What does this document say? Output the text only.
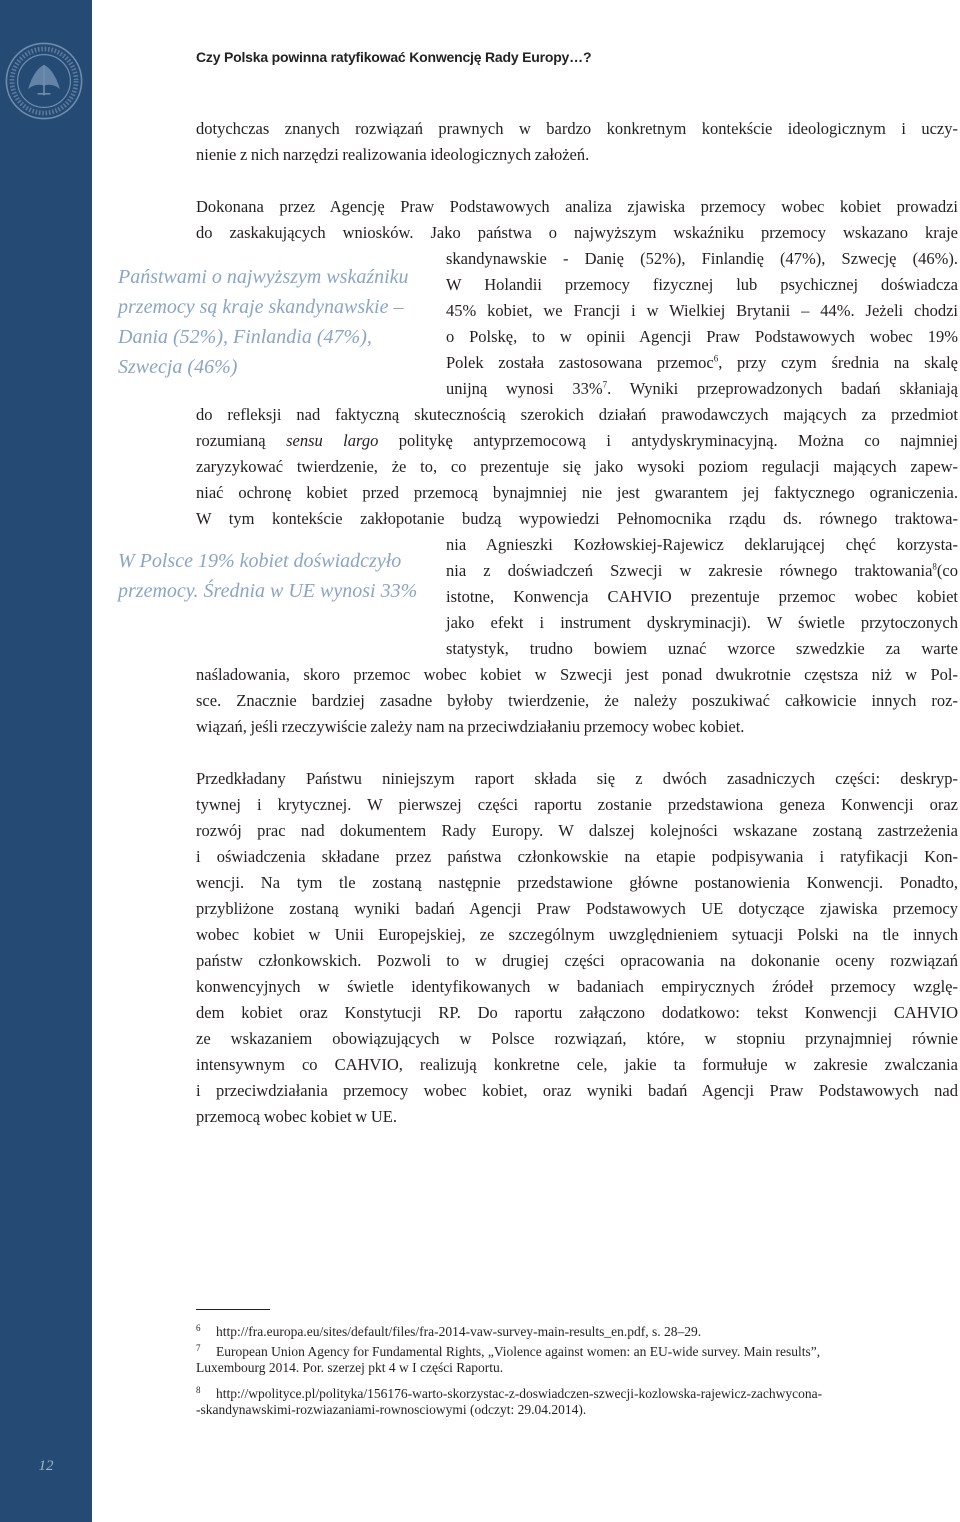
12
Czy Polska powinna ratyfikować Konwencję Rady Europy…?
Państwami o najwyższym wskaźniku przemocy są kraje skandynawskie – Dania (52%), Finlandia (47%), Szwecja (46%)
W Polsce 19% kobiet doświadczyło przemocy. Średnia w UE wynosi 33%
dotychczas znanych rozwiązań prawnych w bardzo konkretnym kontekście ideologicznym i uczy-
nienie z nich narzędzi realizowania ideologicznych założeń.
Dokonana przez Agencję Praw Podstawowych analiza zjawiska przemocy wobec kobiet prowadzi
do zaskakujących wniosków. Jako państwa o najwyższym wskaźniku przemocy wskazano kraje
skandynawskie ‑ Danię (52%), Finlandię (47%), Szwecję (46%).
W Holandii przemocy fizycznej lub psychicznej doświadcza
45% kobiet, we Francji i w Wielkiej Brytanii – 44%. Jeżeli chodzi
o Polskę, to w opinii Agencji Praw Podstawowych wobec 19%
Polek została zastosowana przemoc$^6$, przy czym średnia na skalę
unijną wynosi 33%$^7$. Wyniki przeprowadzonych badań skłaniają
do refleksji nad faktyczną skutecznością szerokich działań prawodawczych mających za przedmiot
rozumianą sensu largo politykę antyprzemocową i antydyskryminacyjną. Można co najmniej
zaryzykować twierdzenie, że to, co prezentuje się jako wysoki poziom regulacji mających zapew-
niać ochronę kobiet przed przemocą bynajmniej nie jest gwarantem jej faktycznego ograniczenia.
W tym kontekście zakłopotanie budzą wypowiedzi Pełnomocnika rządu ds. równego traktowa-
nia Agnieszki Kozłowskiej-Rajewicz deklarującej chęć korzysta-
nia z doświadczeń Szwecji w zakresie równego traktowania$^8$(co
istotne, Konwencja CAHVIO prezentuje przemoc wobec kobiet
jako efekt i instrument dyskryminacji). W świetle przytoczonych
statystyk, trudno bowiem uznać wzorce szwedzkie za warte
naśladowania, skoro przemoc wobec kobiet w Szwecji jest ponad dwukrotnie częstsza niż w Pol-
sce. Znacznie bardziej zasadne byłoby twierdzenie, że należy poszukiwać całkowicie innych roz-
wiązań, jeśli rzeczywiście zależy nam na przeciwdziałaniu przemocy wobec kobiet.
Przedkładany Państwu niniejszym raport składa się z dwóch zasadniczych części: deskryp-
tywnej i krytycznej. W pierwszej części raportu zostanie przedstawiona geneza Konwencji oraz
rozwój prac nad dokumentem Rady Europy. W dalszej kolejności wskazane zostaną zastrzeżenia
i oświadczenia składane przez państwa członkowskie na etapie podpisywania i ratyfikacji Kon-
wencji. Na tym tle zostaną następnie przedstawione główne postanowienia Konwencji. Ponadto,
przybliżone zostaną wyniki badań Agencji Praw Podstawowych UE dotyczące zjawiska przemocy
wobec kobiet w Unii Europejskiej, ze szczególnym uwzględnieniem sytuacji Polski na tle innych
państw członkowskich. Pozwoli to w drugiej części opracowania na dokonanie oceny rozwiązań
konwencyjnych w świetle identyfikowanych w badaniach empirycznych źródeł przemocy wzglę-
dem kobiet oraz Konstytucji RP. Do raportu załączono dodatkowo: tekst Konwencji CAHVIO
ze wskazaniem obowiązujących w Polsce rozwiązań, które, w stopniu przynajmniej równie
intensywnym co CAHVIO, realizują konkretne cele, jakie ta formułuje w zakresie zwalczania
i przeciwdziałania przemocy wobec kobiet, oraz wyniki badań Agencji Praw Podstawowych nad
przemocą wobec kobiet w UE.
6 http://fra.europa.eu/sites/default/files/fra-2014-vaw-survey-main-results_en.pdf, s. 28–29.
7 European Union Agency for Fundamental Rights, „Violence against women: an EU-wide survey. Main results”,
Luxembourg 2014. Por. szerzej pkt 4 w I części Raportu.
8 http://wpolityce.pl/polityka/156176-warto-skorzystac-z-doswiadczen-szwecji-kozlowska-rajewicz-zachwycona-
-skandynawskimi-rozwiazaniami-rownosciowymi (odczyt: 29.04.2014).
